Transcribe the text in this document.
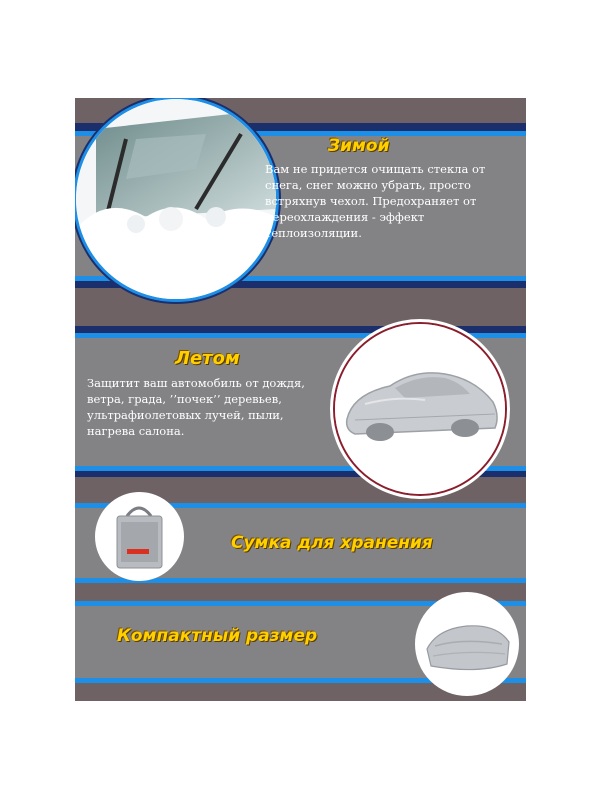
Зимой
Вам не придется очищать стекла от
снега, снег можно убрать, просто
встряхнув чехол. Предохраняет от
переохлаждения - эффект
теплоизоляции.
Летом
Защитит ваш автомобиль от дождя,
ветра, града, ’’почек’’ деревьев,
ультрафиолетовых лучей, пыли,
нагрева салона.
Сумка для хранения
Компактный размер
